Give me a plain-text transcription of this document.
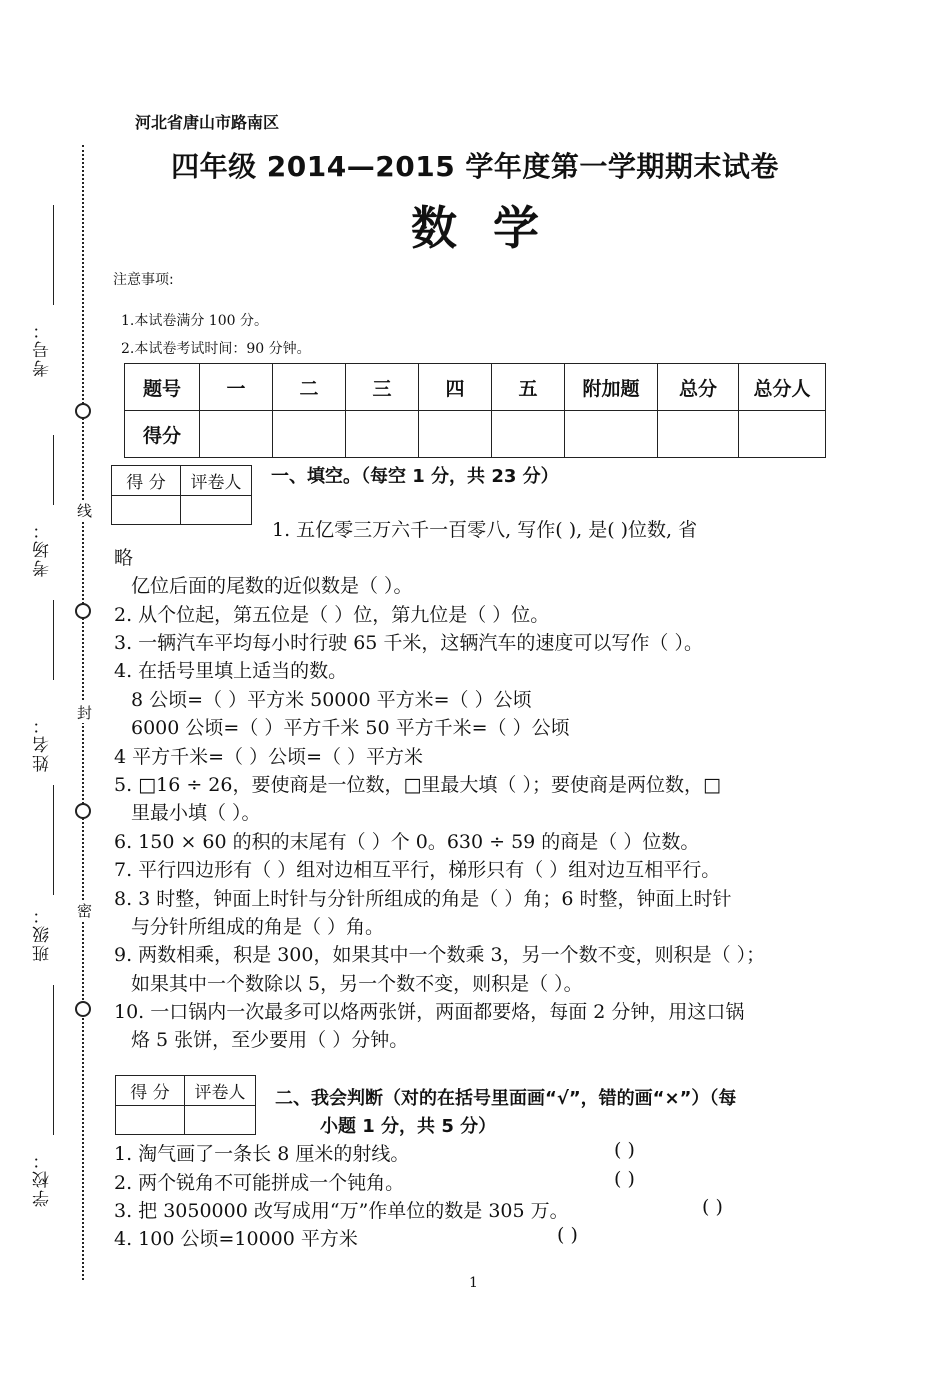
线
封
密
考号：
考场：
姓名：
班级：
学校：
河北省唐山市路南区
四年级 2014—2015 学年度第一学期期末试卷
数学
注意事项:
1.本试卷满分 100 分。
2.本试卷考试时间：90 分钟。
题号	一	二	三	四	五	附加题	总分	总分人
得分								
得 分	评卷人
	一、填空。（每空 1 分，共 23 分）
1. 五亿零三万六千一百零八, 写作( ), 是( )位数, 省
略
亿位后面的尾数的近似数是（ ）。
2. 从个位起，第五位是（ ）位，第九位是（ ）位。
3. 一辆汽车平均每小时行驶 65 千米，这辆汽车的速度可以写作（ ）。
4. 在括号里填上适当的数。
8 公顷=（ ）平方米 50000 平方米=（ ）公顷
6000 公顷=（ ）平方千米 50 平方千米=（ ）公顷
4 平方千米=（ ）公顷=（ ）平方米
5. □16 ÷ 26，要使商是一位数，□里最大填（ ）；要使商是两位数，□
里最小填（ ）。
6. 150 × 60 的积的末尾有（ ）个 0。630 ÷ 59 的商是（ ）位数。
7. 平行四边形有（ ）组对边相互平行，梯形只有（ ）组对边互相平行。
8. 3 时整，钟面上时针与分针所组成的角是（ ）角；6 时整，钟面上时针
与分针所组成的角是（ ）角。
9. 两数相乘，积是 300，如果其中一个数乘 3，另一个数不变，则积是（ ）；
如果其中一个数除以 5，另一个数不变，则积是（ ）。
10. 一口锅内一次最多可以烙两张饼，两面都要烙，每面 2 分钟，用这口锅
烙 5 张饼，至少要用（ ）分钟。
得 分	评卷人
	二、我会判断（对的在括号里面画“√”，错的画“×”）（每
小题 1 分，共 5 分）
1. 淘气画了一条长 8 厘米的射线。	( )
2. 两个锐角不可能拼成一个钝角。	( )
3. 把 3050000 改写成用“万”作单位的数是 305 万。	( )
4. 100 公顷=10000 平方米	( )
1
